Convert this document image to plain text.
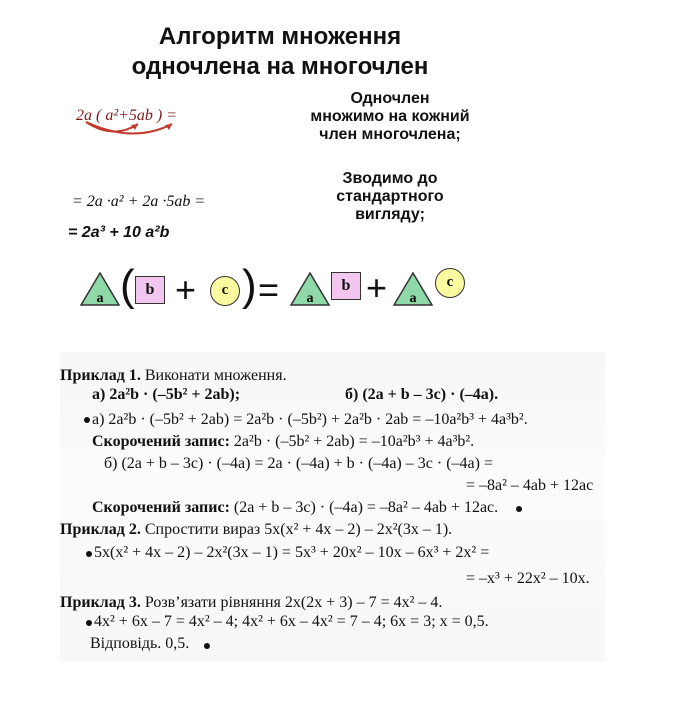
Алгоритм множення
одночлена на многочлен
2a ( a²+5ab ) =
Одночлен
множимо на кожний
член многочлена;
Зводимо до
стандартного
вигляду;
= 2a ·a² + 2a ·5ab =
= 2a³ + 10 a²b
a ( b +	c ) = a
b + a
c
Приклад 1. Виконати множення.
а) 2a²b · (–5b² + 2ab);	б) (2a + b – 3c) · (–4a).
а) 2a²b · (–5b² + 2ab) = 2a²b · (–5b²) + 2a²b · 2ab = –10a²b³ + 4a³b².
Скорочений запис: 2a²b · (–5b² + 2ab) = –10a²b³ + 4a³b².
б) (2a + b – 3c) · (–4a) = 2a · (–4a) + b · (–4a) – 3c · (–4a) =
= –8a² – 4ab + 12ac
Скорочений запис: (2a + b – 3c) · (–4a) = –8a² – 4ab + 12ac.
Приклад 2. Спростити вираз 5x(x² + 4x – 2) – 2x²(3x – 1).
5x(x² + 4x – 2) – 2x²(3x – 1) = 5x³ + 20x² – 10x – 6x³ + 2x² =
= –x³ + 22x² – 10x.
Приклад 3. Розв’язати рівняння 2x(2x + 3) – 7 = 4x² – 4.
4x² + 6x – 7 = 4x² – 4; 4x² + 6x – 4x² = 7 – 4; 6x = 3; x = 0,5.
Відповідь. 0,5.
